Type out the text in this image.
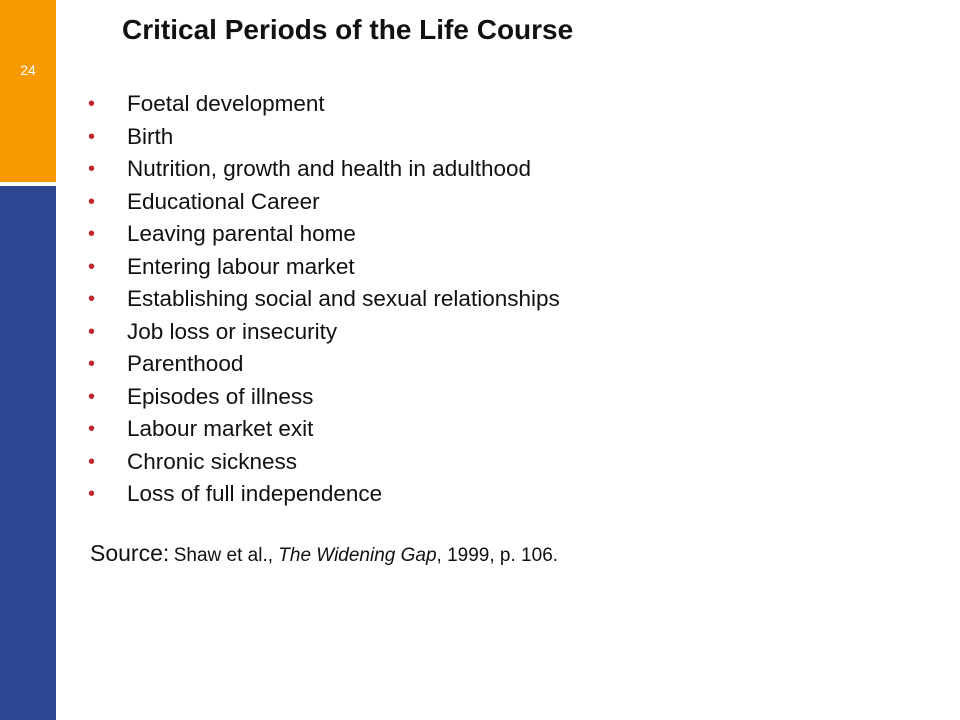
24
Critical Periods of the Life Course
• Foetal development
• Birth
• Nutrition, growth and health in adulthood
• Educational Career
• Leaving parental home
• Entering labour market
• Establishing social and sexual relationships
• Job loss or insecurity
• Parenthood
• Episodes of illness
• Labour market exit
• Chronic sickness
• Loss of full independence
Source: Shaw et al., The Widening Gap, 1999, p. 106.
